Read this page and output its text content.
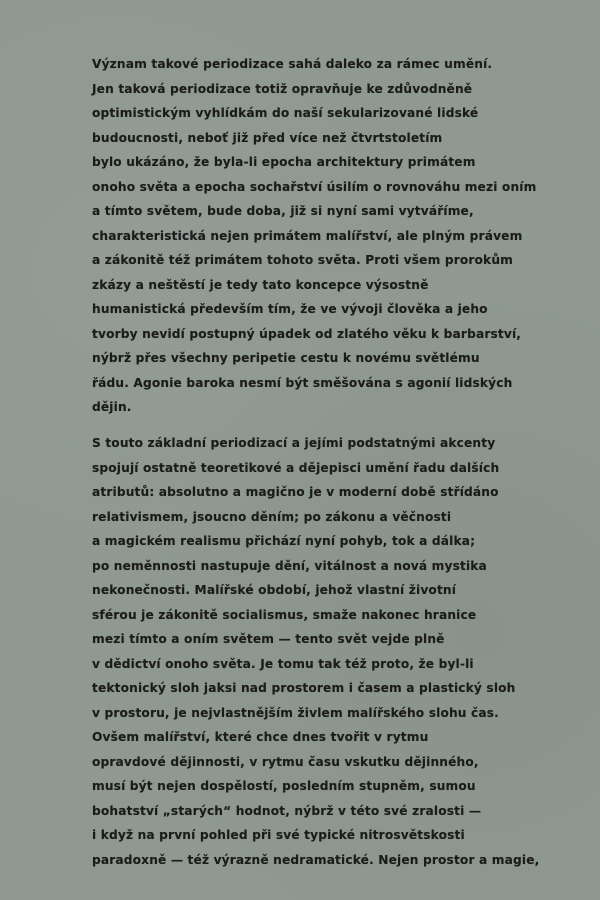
Význam takové periodizace sahá daleko za rámec umění.
Jen taková periodizace totiž opravňuje ke zdůvodněně
optimistickým vyhlídkám do naší sekularizované lidské
budoucnosti, neboť již před více než čtvrtstoletím
bylo ukázáno, že byla-li epocha architektury primátem
onoho světa a epocha sochařství úsilím o rovnováhu mezi oním
a tímto světem, bude doba, již si nyní sami vytváříme,
charakteristická nejen primátem malířství, ale plným právem
a zákonitě též primátem tohoto světa. Proti všem prorokům
zkázy a neštěstí je tedy tato koncepce výsostně
humanistická především tím, že ve vývoji člověka a jeho
tvorby nevidí postupný úpadek od zlatého věku k barbarství,
nýbrž přes všechny peripetie cestu k novému světlému
řádu. Agonie baroka nesmí být směšována s agonií lidských
dějin.
S touto základní periodizací a jejími podstatnými akcenty
spojují ostatně teoretikové a dějepisci umění řadu dalších
atributů: absolutno a magično je v moderní době střídáno
relativismem, jsoucno děním; po zákonu a věčnosti
a magickém realismu přichází nyní pohyb, tok a dálka;
po neměnnosti nastupuje dění, vitálnost a nová mystika
nekonečnosti. Malířské období, jehož vlastní životní
sférou je zákonitě socialismus, smaže nakonec hranice
mezi tímto a oním světem — tento svět vejde plně
v dědictví onoho světa. Je tomu tak též proto, že byl-li
tektonický sloh jaksi nad prostorem i časem a plastický sloh
v prostoru, je nejvlastnějším živlem malířského slohu čas.
Ovšem malířství, které chce dnes tvořit v rytmu
opravdové dějinnosti, v rytmu času vskutku dějinného,
musí být nejen dospělostí, posledním stupněm, sumou
bohatství „starých“ hodnot, nýbrž v této své zralosti —
i když na první pohled při své typické nitrosvětskosti
paradoxně — též výrazně nedramatické. Nejen prostor a magie,
